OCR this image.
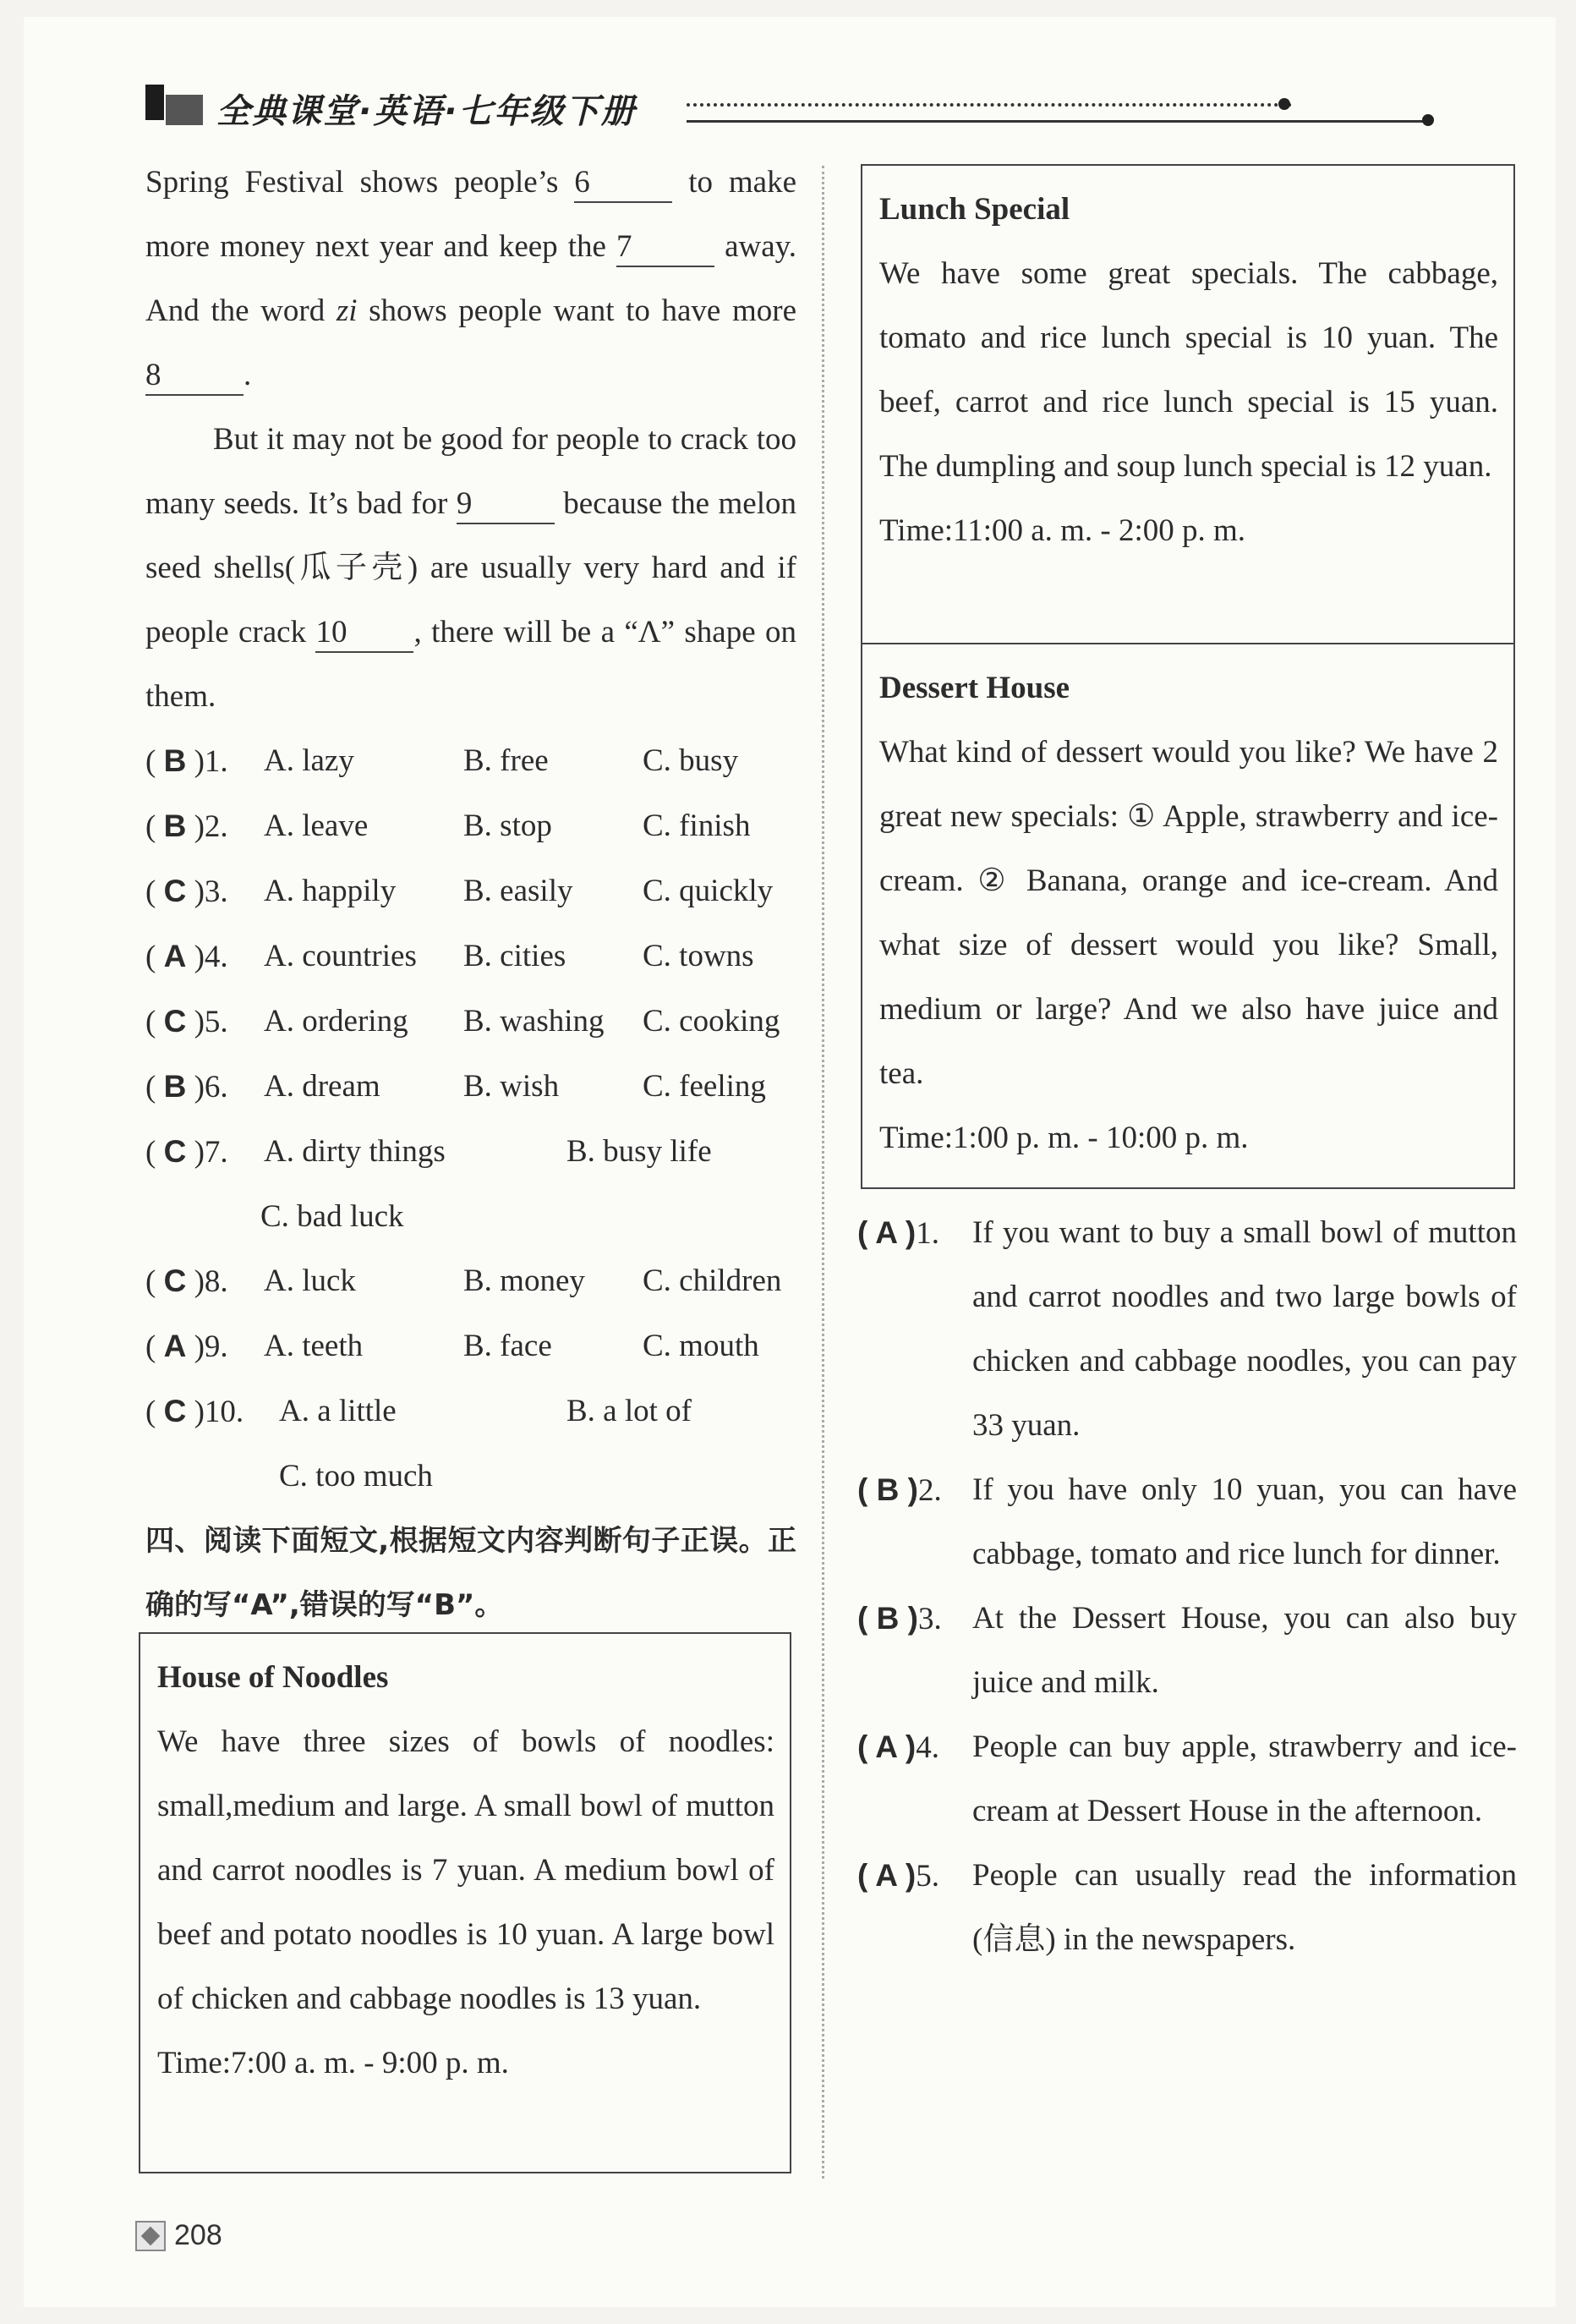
全典课堂·英语·七年级下册

Spring Festival shows people’s 6	to make more money next year and keep the 7	away. And the word zi shows people want to have more 8	.

But it may not be good for people to crack too many seeds. It’s bad for 9	because the melon seed shells(瓜子壳) are usually very hard and if people crack 10 , there will be a “Λ” shape on them.

( B )1.	A. lazy	B. free	C. busy
( B )2.	A. leave	B. stop	C. finish
( C )3.	A. happily	B. easily	C. quickly
( A )4.	A. countries	B. cities	C. towns
( C )5.	A. ordering	B. washing	C. cooking
( B )6.	A. dream	B. wish	C. feeling
( C )7.	A. dirty things	B. busy life
C. bad luck
( C )8.	A. luck	B. money	C. children
( A )9.	A. teeth	B. face	C. mouth
( C )10.	A. a little	B. a lot of
C. too much

四、阅读下面短文,根据短文内容判断句子正误。正确的写“A”,错误的写“B”。

House of Noodles
We have three sizes of bowls of noodles: small,medium and large. A small bowl of mutton and carrot noodles is 7 yuan. A medium bowl of beef and potato noodles is 10 yuan. A large bowl of chicken and cabbage noodles is 13 yuan.
Time:7:00 a. m. - 9:00 p. m.
Lunch Special
We have some great specials. The cabbage, tomato and rice lunch special is 10 yuan. The beef, carrot and rice lunch special is 15 yuan. The dumpling and soup lunch special is 12 yuan.
Time:11:00 a. m. - 2:00 p. m.
Dessert House
What kind of dessert would you like? We have 2 great new specials: ① Apple, strawberry and ice-cream. ② Banana, orange and ice-cream. And what size of dessert would you like? Small, medium or large? And we also have juice and tea.
Time:1:00 p. m. - 10:00 p. m.
( A )1.	If you want to buy a small bowl of mutton and carrot noodles and two large bowls of chicken and cabbage noodles, you can pay 33 yuan.
( B )2. If you have only 10 yuan, you can have cabbage, tomato and rice lunch for dinner.
( B )3. At the Dessert House, you can also buy juice and milk.
( A )4.	People can buy apple, strawberry and ice-cream at Dessert House in the afternoon.
( A )5.	People can usually read the information (信息) in the newspapers.
208
